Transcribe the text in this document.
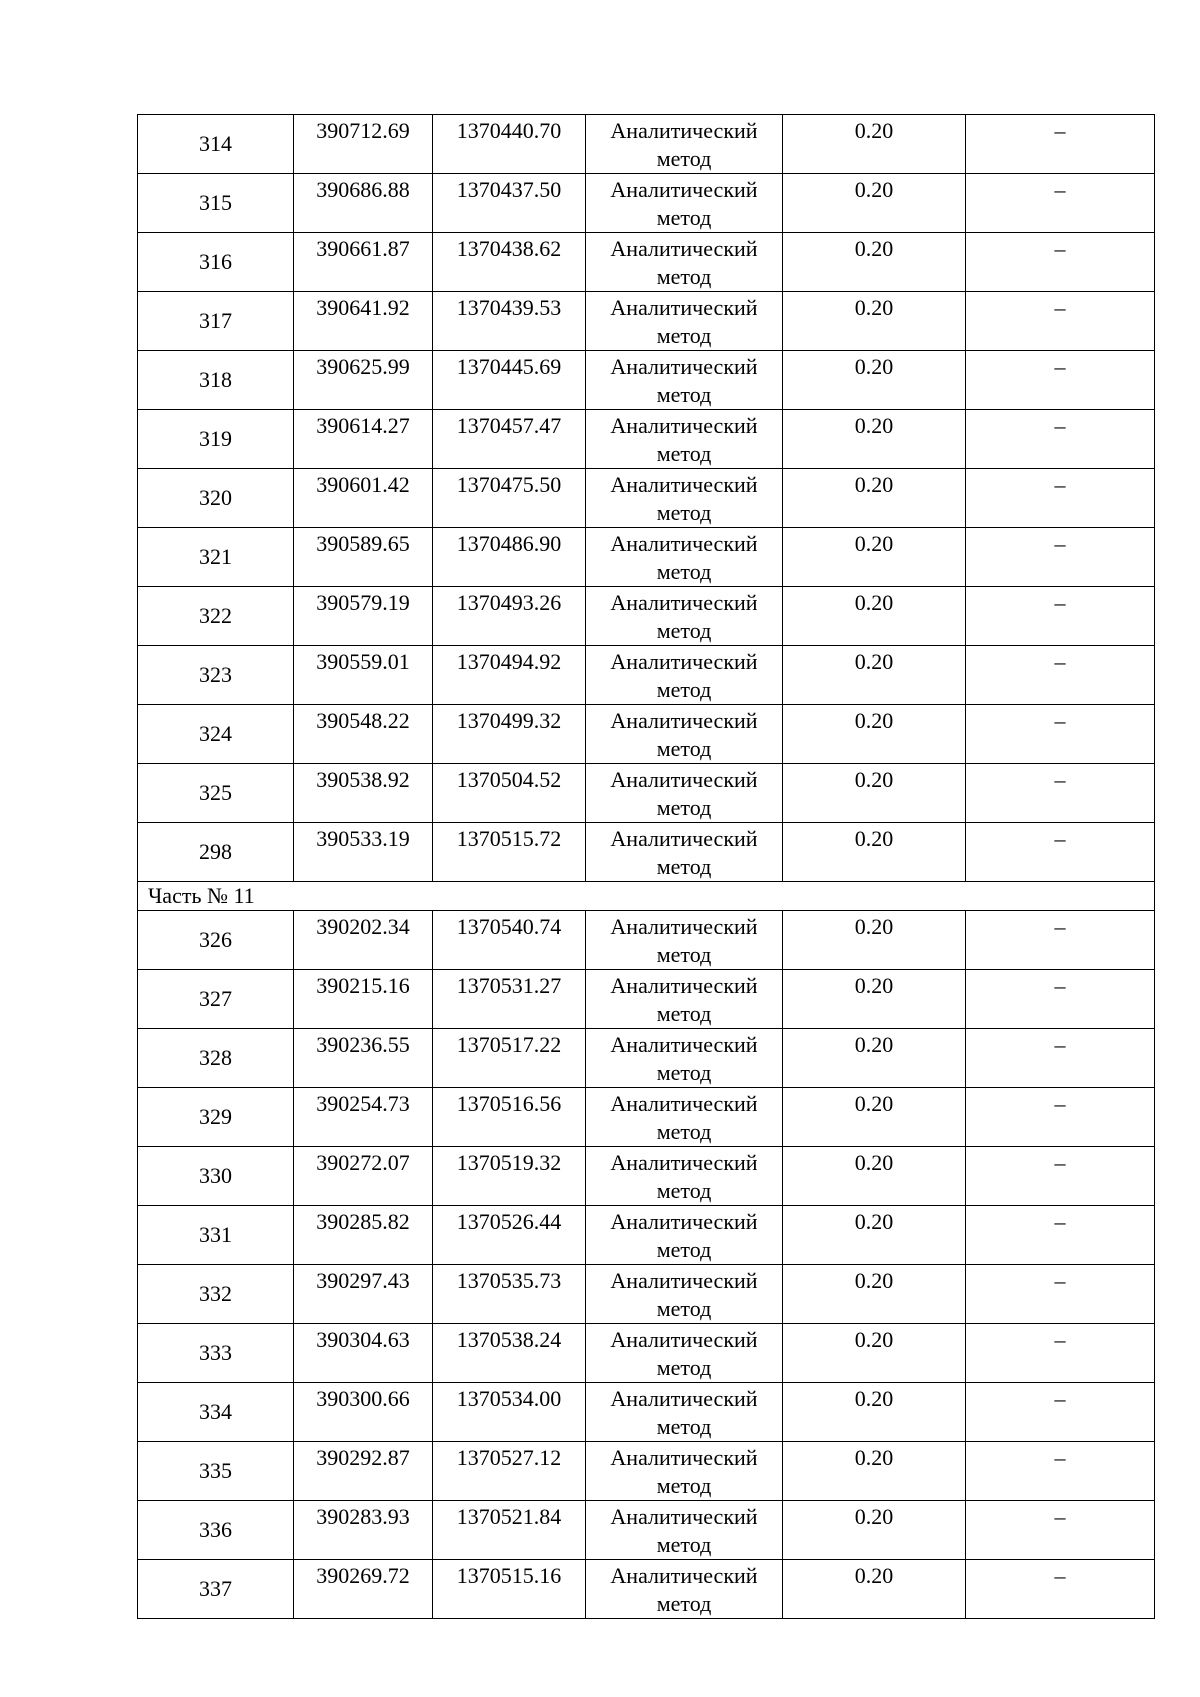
314	390712.69	1370440.70	Аналитический метод	0.20	–
315	390686.88	1370437.50	Аналитический метод	0.20	–
316	390661.87	1370438.62	Аналитический метод	0.20	–
317	390641.92	1370439.53	Аналитический метод	0.20	–
318	390625.99	1370445.69	Аналитический метод	0.20	–
319	390614.27	1370457.47	Аналитический метод	0.20	–
320	390601.42	1370475.50	Аналитический метод	0.20	–
321	390589.65	1370486.90	Аналитический метод	0.20	–
322	390579.19	1370493.26	Аналитический метод	0.20	–
323	390559.01	1370494.92	Аналитический метод	0.20	–
324	390548.22	1370499.32	Аналитический метод	0.20	–
325	390538.92	1370504.52	Аналитический метод	0.20	–
298	390533.19	1370515.72	Аналитический метод	0.20	–
Часть № 11					
326	390202.34	1370540.74	Аналитический метод	0.20	–
327	390215.16	1370531.27	Аналитический метод	0.20	–
328	390236.55	1370517.22	Аналитический метод	0.20	–
329	390254.73	1370516.56	Аналитический метод	0.20	–
330	390272.07	1370519.32	Аналитический метод	0.20	–
331	390285.82	1370526.44	Аналитический метод	0.20	–
332	390297.43	1370535.73	Аналитический метод	0.20	–
333	390304.63	1370538.24	Аналитический метод	0.20	–
334	390300.66	1370534.00	Аналитический метод	0.20	–
335	390292.87	1370527.12	Аналитический метод	0.20	–
336	390283.93	1370521.84	Аналитический метод	0.20	–
337	390269.72	1370515.16	Аналитический метод	0.20	–
